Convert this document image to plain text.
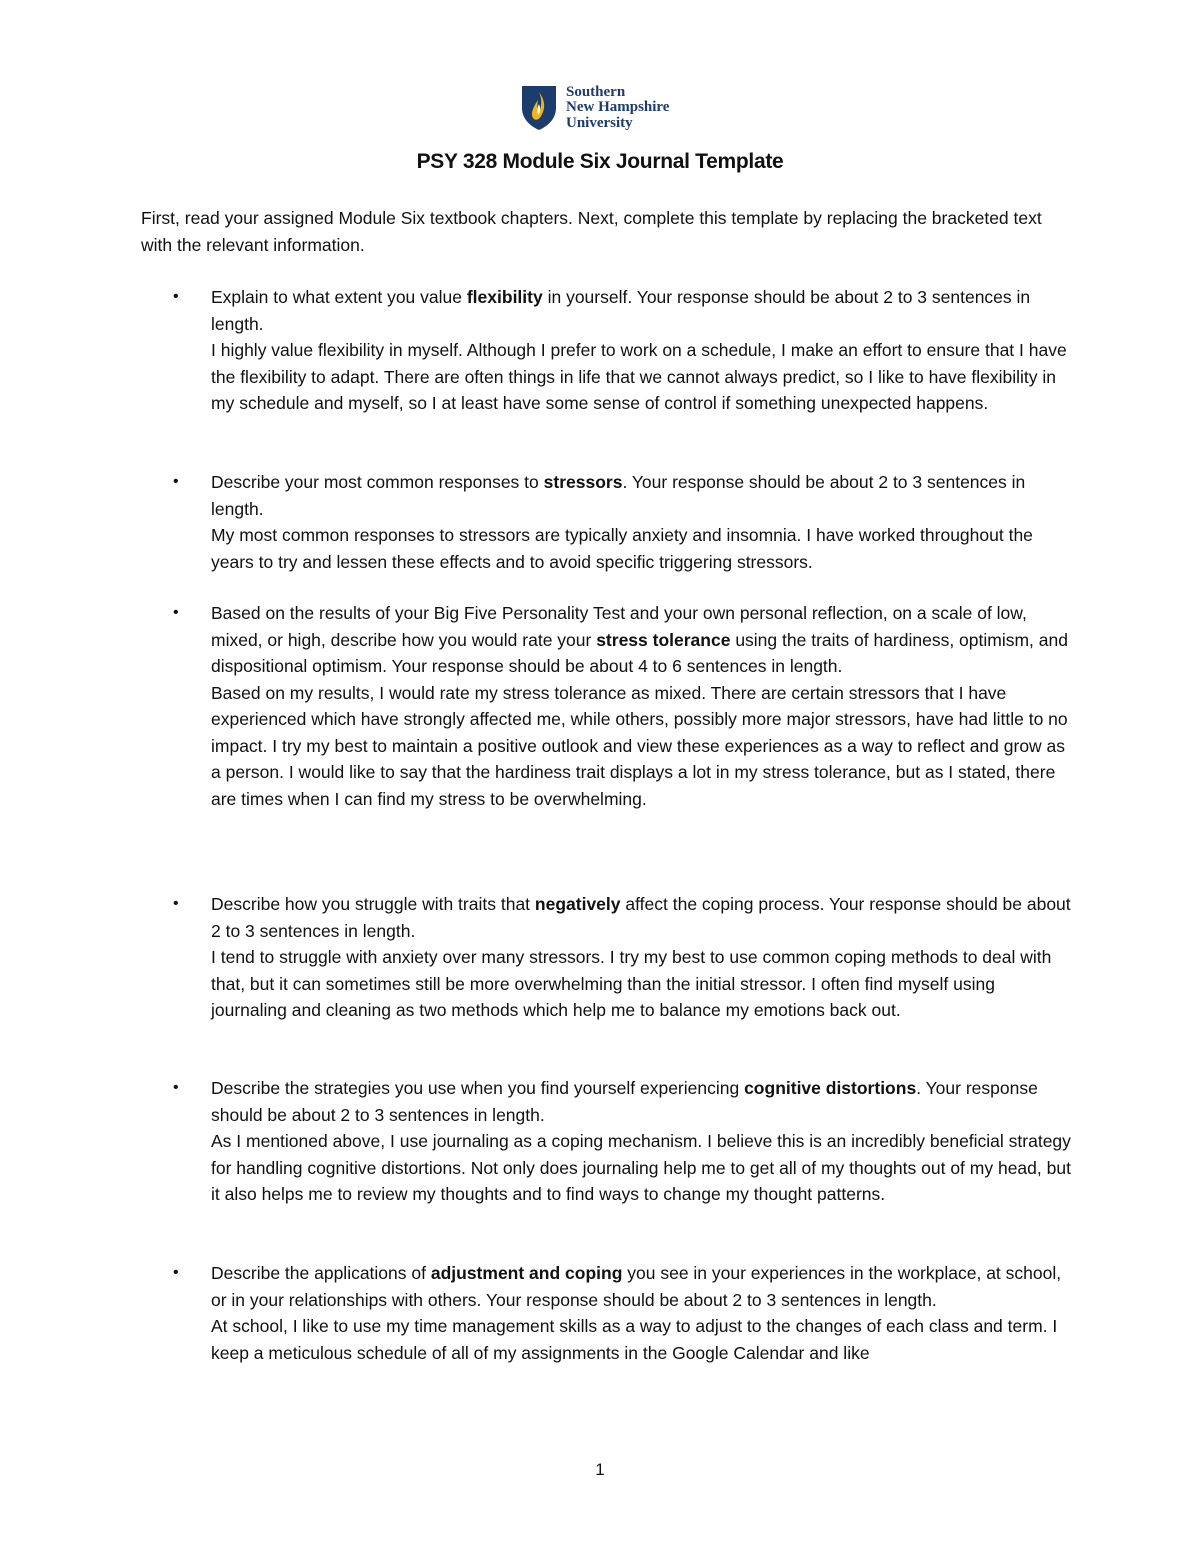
Southern
New Hampshire
University
PSY 328 Module Six Journal Template

First, read your assigned Module Six textbook chapters. Next, complete this template by replacing the bracketed text with the relevant information.

• Explain to what extent you value flexibility in yourself. Your response should be about 2 to 3 sentences in length.

I highly value flexibility in myself. Although I prefer to work on a schedule, I make an effort to ensure that I have the flexibility to adapt. There are often things in life that we cannot always predict, so I like to have flexibility in my schedule and myself, so I at least have some sense of control if something unexpected happens.

• Describe your most common responses to stressors. Your response should be about 2 to 3 sentences in length.

My most common responses to stressors are typically anxiety and insomnia. I have worked throughout the years to try and lessen these effects and to avoid specific triggering stressors.

• Based on the results of your Big Five Personality Test and your own personal reflection, on a scale of low, mixed, or high, describe how you would rate your stress tolerance using the traits of hardiness, optimism, and dispositional optimism. Your response should be about 4 to 6 sentences in length.

Based on my results, I would rate my stress tolerance as mixed. There are certain stressors that I have experienced which have strongly affected me, while others, possibly more major stressors, have had little to no impact. I try my best to maintain a positive outlook and view these experiences as a way to reflect and grow as a person. I would like to say that the hardiness trait displays a lot in my stress tolerance, but as I stated, there are times when I can find my stress to be overwhelming.

• Describe how you struggle with traits that negatively affect the coping process. Your response should be about 2 to 3 sentences in length.

I tend to struggle with anxiety over many stressors. I try my best to use common coping methods to deal with that, but it can sometimes still be more overwhelming than the initial stressor. I often find myself using journaling and cleaning as two methods which help me to balance my emotions back out.

• Describe the strategies you use when you find yourself experiencing cognitive distortions. Your response should be about 2 to 3 sentences in length.

As I mentioned above, I use journaling as a coping mechanism. I believe this is an incredibly beneficial strategy for handling cognitive distortions. Not only does journaling help me to get all of my thoughts out of my head, but it also helps me to review my thoughts and to find ways to change my thought patterns.

• Describe the applications of adjustment and coping you see in your experiences in the workplace, at school, or in your relationships with others. Your response should be about 2 to 3 sentences in length.

At school, I like to use my time management skills as a way to adjust to the changes of each class and term. I keep a meticulous schedule of all of my assignments in the Google Calendar and like

1
